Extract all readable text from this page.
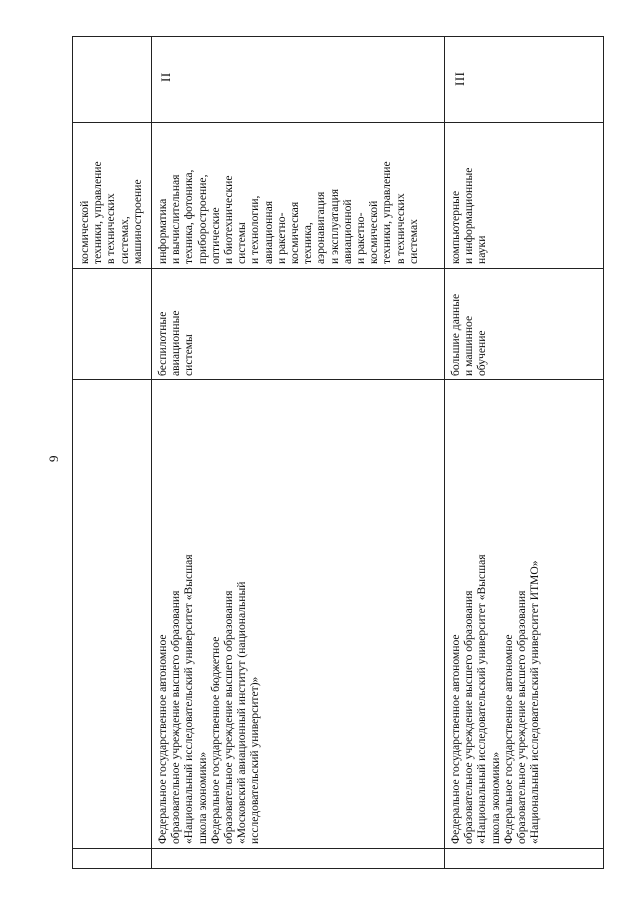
9
космической техники, управление в технических системах, машиностроение
Федеральное государственное автономное образовательное учреждение высшего образования «Национальный исследовательский университет «Высшая школа экономики» Федеральное государственное бюджетное образовательное учреждение высшего образования «Московский авиационный институт (национальный исследовательский университет)»
беспилотные авиационные системы
информатика и вычислительная техника, фотоника, приборостроение, оптические и биотехнические системы и технологии, авиационная и ракетно- космическая техника, аэронавигация и эксплуатация авиационной и ракетно- космической техники, управление в технических системах
II
Федеральное государственное автономное образовательное учреждение высшего образования «Национальный исследовательский университет «Высшая школа экономики» Федеральное государственное автономное образовательное учреждение высшего образования «Национальный исследовательский университет ИТМО»
большие данные и машинное обучение
компьютерные и информационные науки
III
